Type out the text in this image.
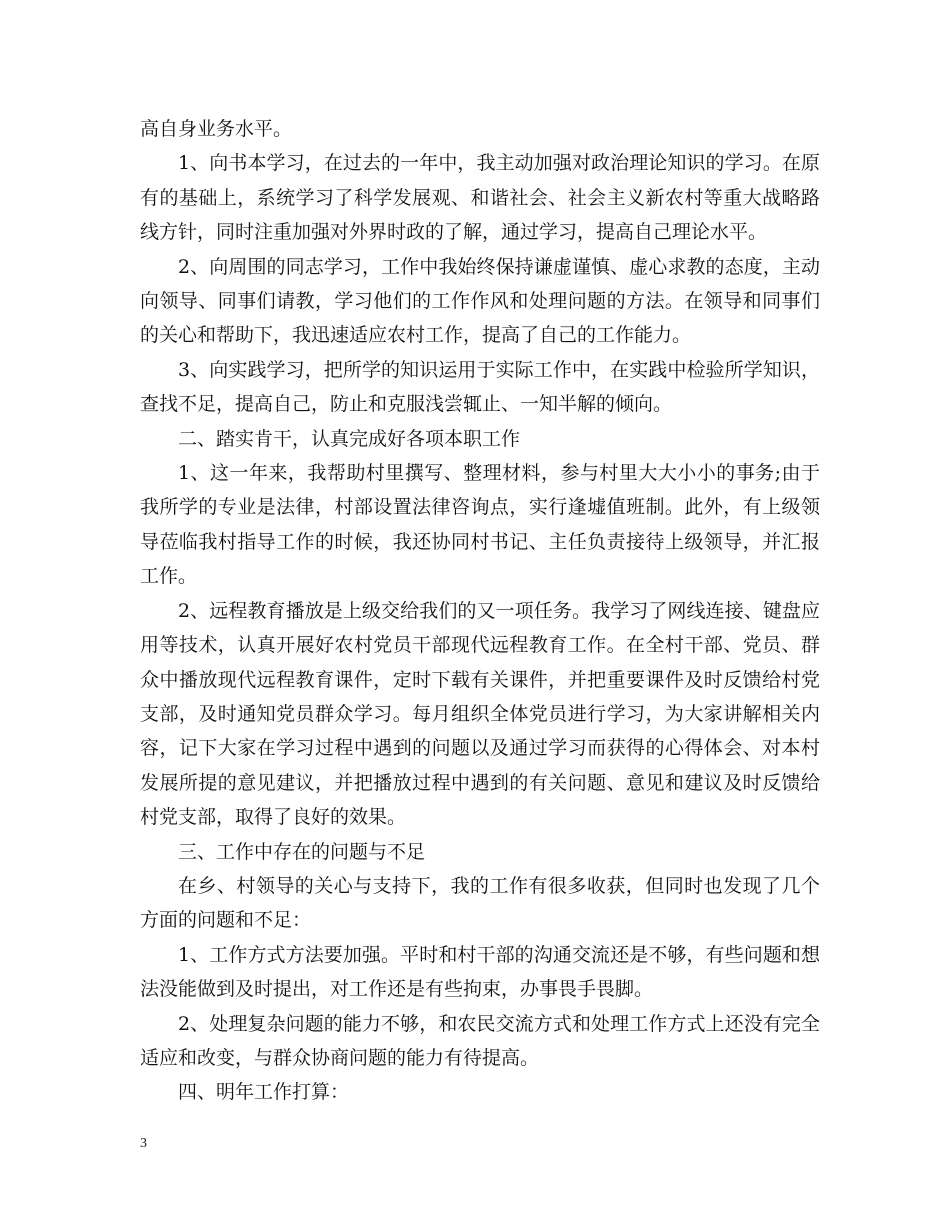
高自身业务水平。

1、向书本学习，在过去的一年中，我主动加强对政治理论知识的学习。在原有的基础上，系统学习了科学发展观、和谐社会、社会主义新农村等重大战略路线方针，同时注重加强对外界时政的了解，通过学习，提高自己理论水平。

2、向周围的同志学习，工作中我始终保持谦虚谨慎、虚心求教的态度，主动向领导、同事们请教，学习他们的工作作风和处理问题的方法。在领导和同事们的关心和帮助下，我迅速适应农村工作，提高了自己的工作能力。

3、向实践学习，把所学的知识运用于实际工作中，在实践中检验所学知识，查找不足，提高自己，防止和克服浅尝辄止、一知半解的倾向。

二、踏实肯干，认真完成好各项本职工作

1、这一年来，我帮助村里撰写、整理材料，参与村里大大小小的事务;由于我所学的专业是法律，村部设置法律咨询点，实行逢墟值班制。此外，有上级领导莅临我村指导工作的时候，我还协同村书记、主任负责接待上级领导，并汇报工作。

2、远程教育播放是上级交给我们的又一项任务。我学习了网线连接、键盘应用等技术，认真开展好农村党员干部现代远程教育工作。在全村干部、党员、群众中播放现代远程教育课件，定时下载有关课件，并把重要课件及时反馈给村党支部，及时通知党员群众学习。每月组织全体党员进行学习，为大家讲解相关内容，记下大家在学习过程中遇到的问题以及通过学习而获得的心得体会、对本村发展所提的意见建议，并把播放过程中遇到的有关问题、意见和建议及时反馈给村党支部，取得了良好的效果。

三、工作中存在的问题与不足

在乡、村领导的关心与支持下，我的工作有很多收获，但同时也发现了几个方面的问题和不足：

1、工作方式方法要加强。平时和村干部的沟通交流还是不够，有些问题和想法没能做到及时提出，对工作还是有些拘束，办事畏手畏脚。

2、处理复杂问题的能力不够，和农民交流方式和处理工作方式上还没有完全适应和改变，与群众协商问题的能力有待提高。

四、明年工作打算：

3
